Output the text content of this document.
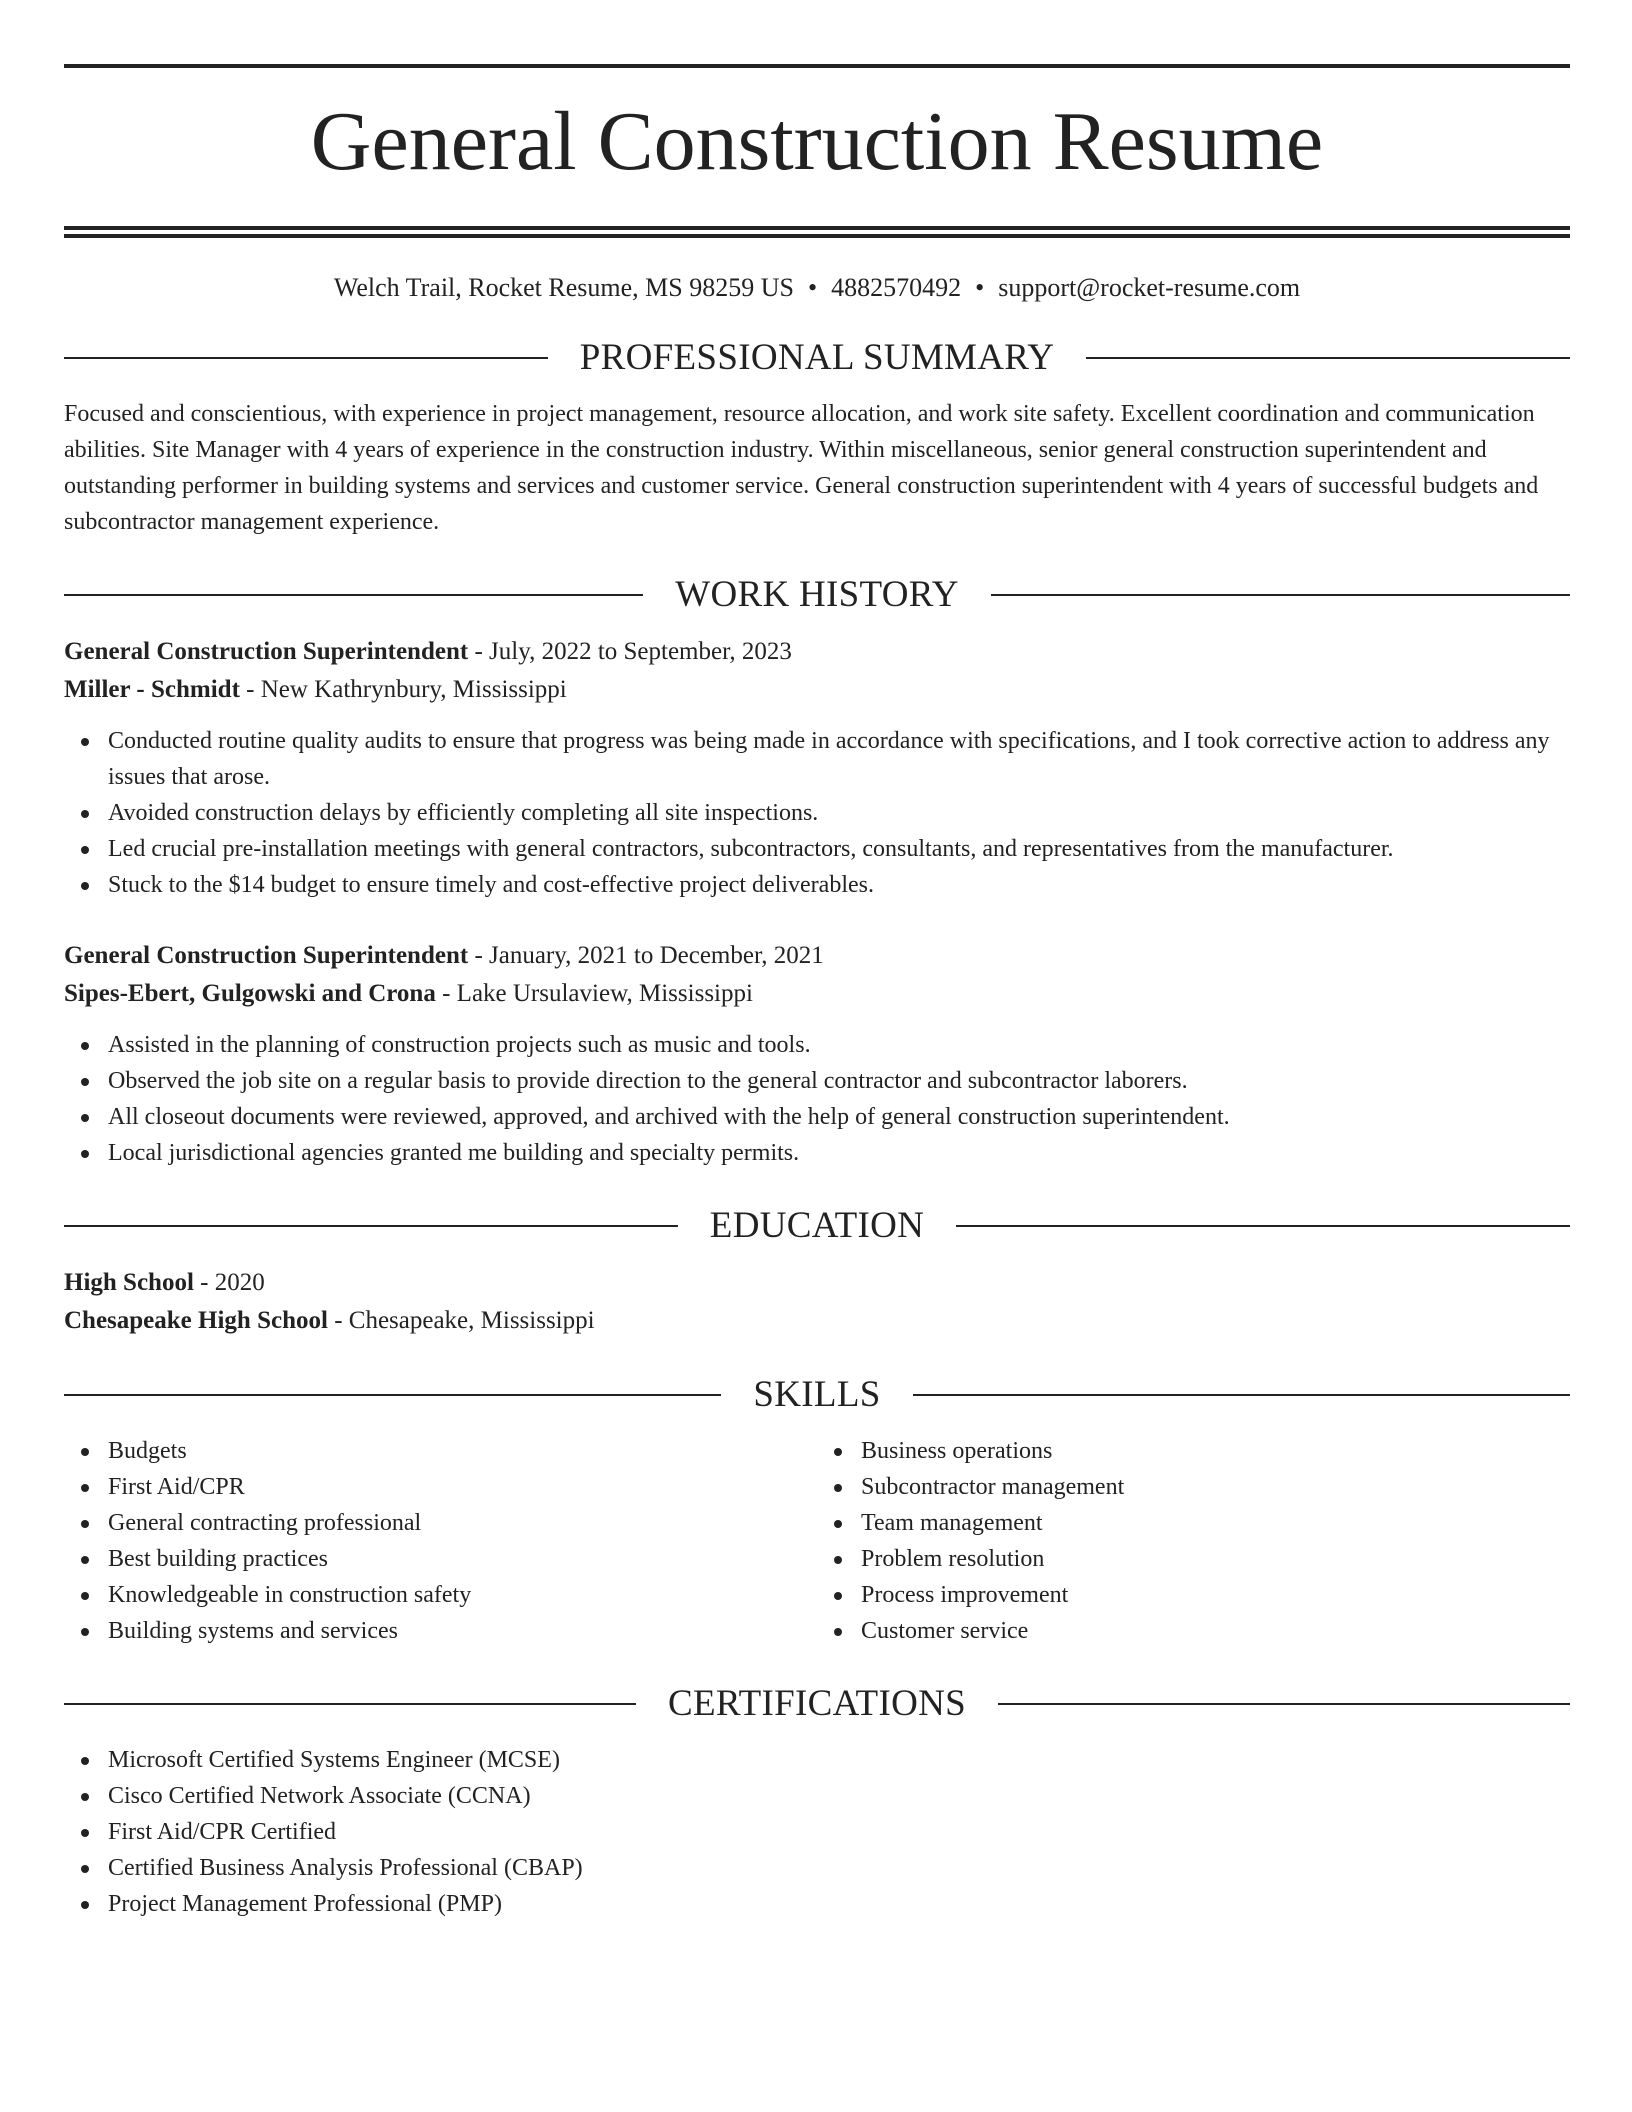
General Construction Resume
Welch Trail, Rocket Resume, MS 98259 US • 4882570492 • support@rocket-resume.com
PROFESSIONAL SUMMARY

Focused and conscientious, with experience in project management, resource allocation, and work site safety. Excellent coordination and communication abilities. Site Manager with 4 years of experience in the construction industry. Within miscellaneous, senior general construction superintendent and outstanding performer in building systems and services and customer service. General construction superintendent with 4 years of successful budgets and subcontractor management experience.

WORK HISTORY
General Construction Superintendent - July, 2022 to September, 2023
Miller - Schmidt - New Kathrynbury, Mississippi
Conducted routine quality audits to ensure that progress was being made in accordance with specifications, and I took corrective action to address any issues that arose.
Avoided construction delays by efficiently completing all site inspections.
Led crucial pre-installation meetings with general contractors, subcontractors, consultants, and representatives from the manufacturer.
Stuck to the $14 budget to ensure timely and cost-effective project deliverables.
General Construction Superintendent - January, 2021 to December, 2021
Sipes-Ebert, Gulgowski and Crona - Lake Ursulaview, Mississippi
Assisted in the planning of construction projects such as music and tools.
Observed the job site on a regular basis to provide direction to the general contractor and subcontractor laborers.
All closeout documents were reviewed, approved, and archived with the help of general construction superintendent.
Local jurisdictional agencies granted me building and specialty permits.
EDUCATION
High School - 2020
Chesapeake High School - Chesapeake, Mississippi
SKILLS
Budgets
First Aid/CPR
General contracting professional
Best building practices
Knowledgeable in construction safety
Building systems and services
Business operations
Subcontractor management
Team management
Problem resolution
Process improvement
Customer service
CERTIFICATIONS
Microsoft Certified Systems Engineer (MCSE)
Cisco Certified Network Associate (CCNA)
First Aid/CPR Certified
Certified Business Analysis Professional (CBAP)
Project Management Professional (PMP)
